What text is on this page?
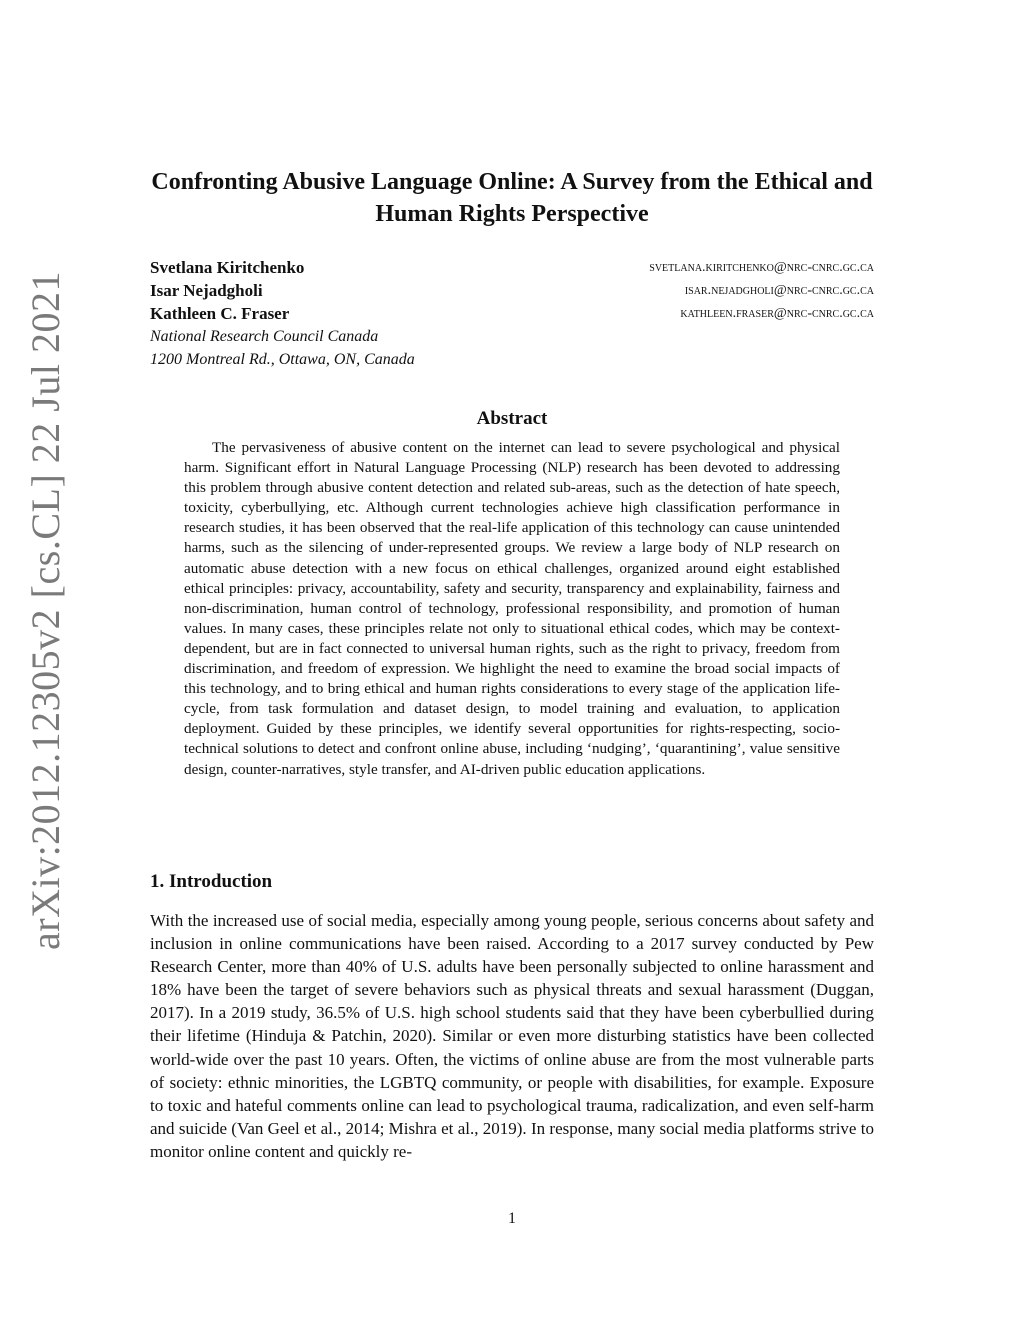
arXiv:2012.12305v2 [cs.CL] 22 Jul 2021
Confronting Abusive Language Online: A Survey from the Ethical and Human Rights Perspective
Svetlana Kiritchenko	svetlana.kiritchenko@nrc-cnrc.gc.ca
Isar Nejadgholi	isar.nejadgholi@nrc-cnrc.gc.ca
Kathleen C. Fraser	kathleen.fraser@nrc-cnrc.gc.ca
National Research Council Canada
1200 Montreal Rd., Ottawa, ON, Canada
Abstract
The pervasiveness of abusive content on the internet can lead to severe psychological and physical harm. Significant effort in Natural Language Processing (NLP) research has been devoted to addressing this problem through abusive content detection and related sub-areas, such as the detection of hate speech, toxicity, cyberbullying, etc. Although current technologies achieve high classification performance in research studies, it has been observed that the real-life application of this technology can cause unintended harms, such as the silencing of under-represented groups. We review a large body of NLP research on automatic abuse detection with a new focus on ethical challenges, organized around eight established ethical principles: privacy, accountability, safety and security, transparency and explainability, fairness and non-discrimination, human control of technology, professional responsibility, and promotion of human values. In many cases, these principles relate not only to situational ethical codes, which may be context-dependent, but are in fact connected to universal human rights, such as the right to privacy, freedom from discrimination, and freedom of expression. We highlight the need to examine the broad social impacts of this technology, and to bring ethical and human rights considerations to every stage of the application life-cycle, from task formulation and dataset design, to model training and evaluation, to application deployment. Guided by these principles, we identify several opportunities for rights-respecting, socio-technical solutions to detect and confront online abuse, including ‘nudging’, ‘quarantining’, value sensitive design, counter-narratives, style transfer, and AI-driven public education applications.
1. Introduction
With the increased use of social media, especially among young people, serious concerns about safety and inclusion in online communications have been raised. According to a 2017 survey conducted by Pew Research Center, more than 40% of U.S. adults have been personally subjected to online harassment and 18% have been the target of severe behaviors such as physical threats and sexual harassment (Duggan, 2017). In a 2019 study, 36.5% of U.S. high school students said that they have been cyberbullied during their lifetime (Hinduja & Patchin, 2020). Similar or even more disturbing statistics have been collected world-wide over the past 10 years. Often, the victims of online abuse are from the most vulnerable parts of society: ethnic minorities, the LGBTQ community, or people with disabilities, for example. Exposure to toxic and hateful comments online can lead to psychological trauma, radicalization, and even self-harm and suicide (Van Geel et al., 2014; Mishra et al., 2019). In response, many social media platforms strive to monitor online content and quickly re-
1
